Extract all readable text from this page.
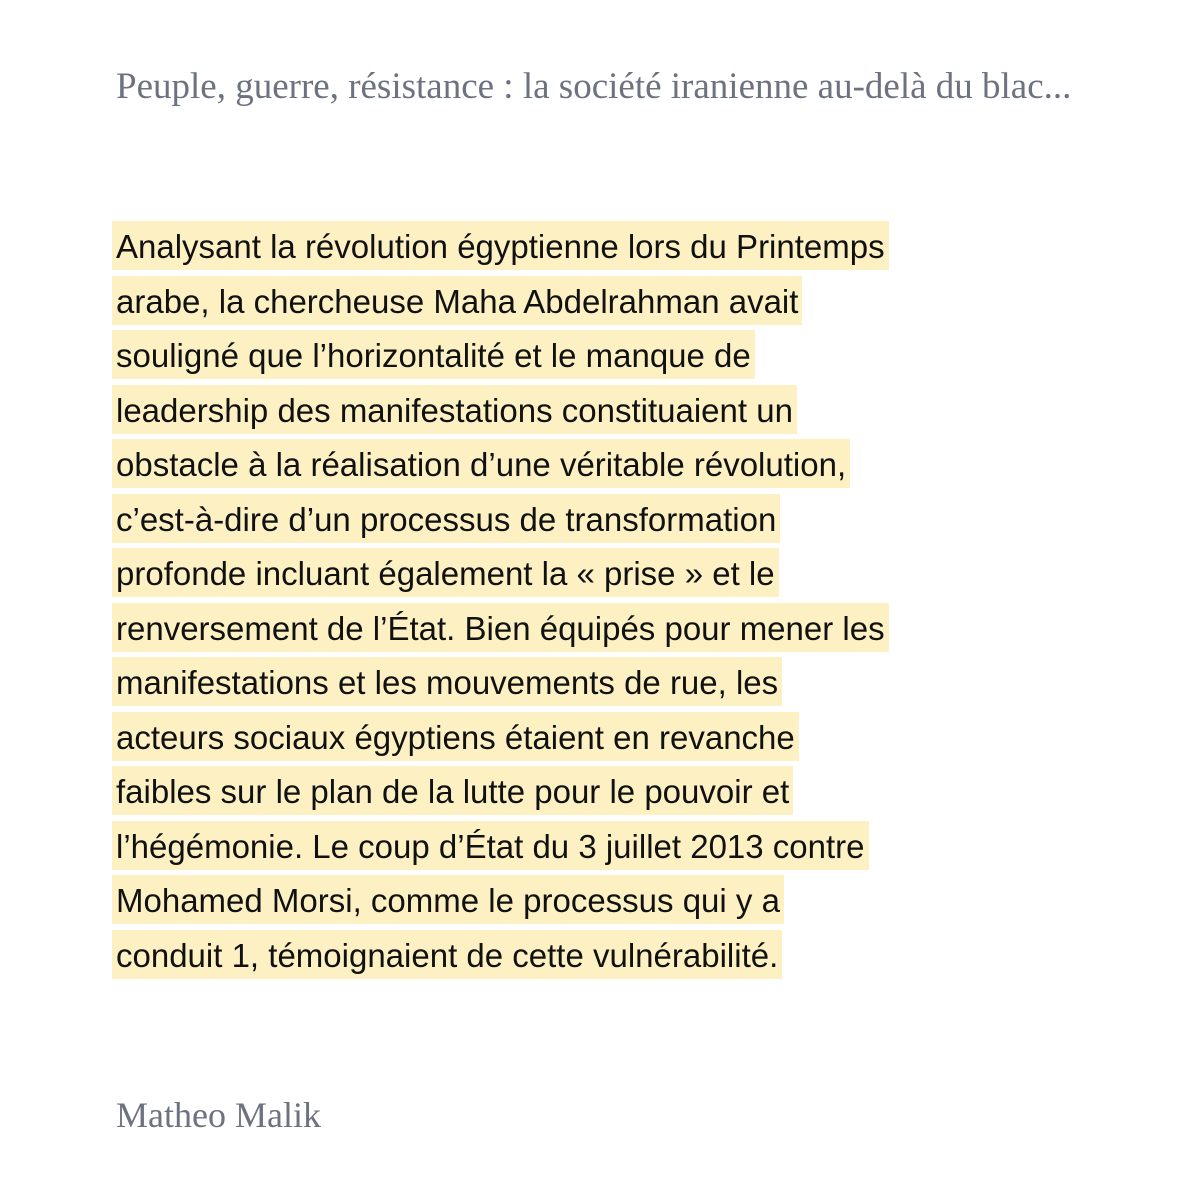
Peuple, guerre, résistance : la société iranienne au-delà du blac...
Analysant la révolution égyptienne lors du Printemps
arabe, la chercheuse Maha Abdelrahman avait
souligné que l’horizontalité et le manque de
leadership des manifestations constituaient un
obstacle à la réalisation d’une véritable révolution,
c’est-à-dire d’un processus de transformation
profonde incluant également la « prise » et le
renversement de l’État. Bien équipés pour mener les
manifestations et les mouvements de rue, les
acteurs sociaux égyptiens étaient en revanche
faibles sur le plan de la lutte pour le pouvoir et
l’hégémonie. Le coup d’État du 3 juillet 2013 contre
Mohamed Morsi, comme le processus qui y a
conduit 1, témoignaient de cette vulnérabilité.
Matheo Malik
